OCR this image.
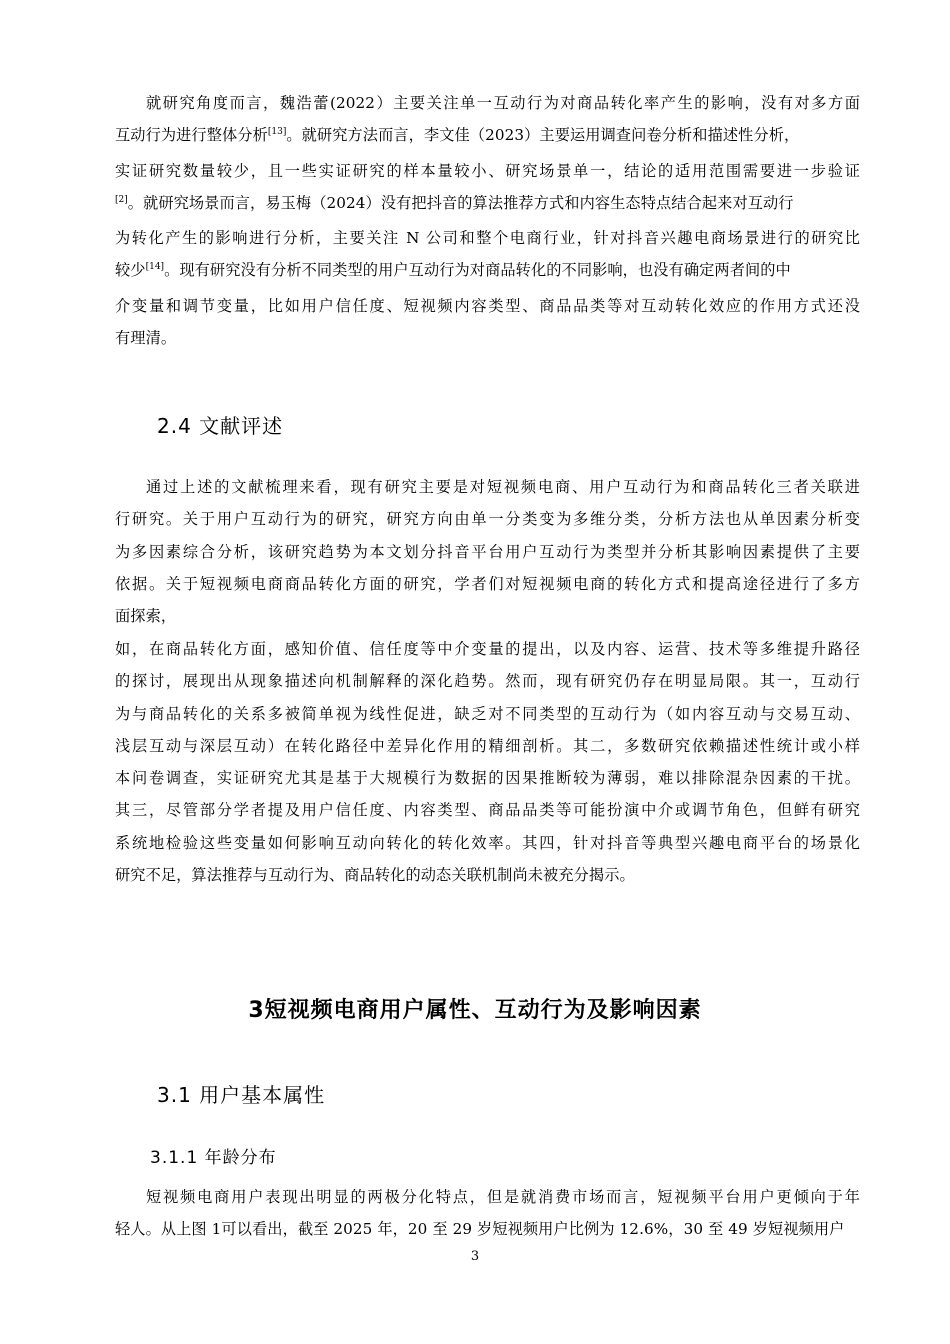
就研究角度而言，魏浩蕾(2022）主要关注单一互动行为对商品转化率产生的影响，没有对多方面
互动行为进行整体分析[13]。就研究方法而言，李文佳（2023）主要运用调查问卷分析和描述性分析，
实证研究数量较少，且一些实证研究的样本量较小、研究场景单一，结论的适用范围需要进一步验证
[2]。就研究场景而言，易玉梅（2024）没有把抖音的算法推荐方式和内容生态特点结合起来对互动行
为转化产生的影响进行分析，主要关注 N 公司和整个电商行业，针对抖音兴趣电商场景进行的研究比
较少[14]。现有研究没有分析不同类型的用户互动行为对商品转化的不同影响，也没有确定两者间的中
介变量和调节变量，比如用户信任度、短视频内容类型、商品品类等对互动转化效应的作用方式还没
有理清。
2.4 文献评述
通过上述的文献梳理来看，现有研究主要是对短视频电商、用户互动行为和商品转化三者关联进
行研究。关于用户互动行为的研究，研究方向由单一分类变为多维分类，分析方法也从单因素分析变
为多因素综合分析，该研究趋势为本文划分抖音平台用户互动行为类型并分析其影响因素提供了主要
依据。关于短视频电商商品转化方面的研究，学者们对短视频电商的转化方式和提高途径进行了多方
面探索，
如，在商品转化方面，感知价值、信任度等中介变量的提出，以及内容、运营、技术等多维提升路径
的探讨，展现出从现象描述向机制解释的深化趋势。然而，现有研究仍存在明显局限。其一，互动行
为与商品转化的关系多被简单视为线性促进，缺乏对不同类型的互动行为（如内容互动与交易互动、
浅层互动与深层互动）在转化路径中差异化作用的精细剖析。其二，多数研究依赖描述性统计或小样
本问卷调查，实证研究尤其是基于大规模行为数据的因果推断较为薄弱，难以排除混杂因素的干扰。
其三，尽管部分学者提及用户信任度、内容类型、商品品类等可能扮演中介或调节角色，但鲜有研究
系统地检验这些变量如何影响互动向转化的转化效率。其四，针对抖音等典型兴趣电商平台的场景化
研究不足，算法推荐与互动行为、商品转化的动态关联机制尚未被充分揭示。
3短视频电商用户属性、互动行为及影响因素
3.1 用户基本属性
3.1.1 年龄分布
短视频电商用户表现出明显的两极分化特点，但是就消费市场而言，短视频平台用户更倾向于年
轻人。从上图 1可以看出，截至 2025 年，20 至 29 岁短视频用户比例为 12.6%，30 至 49 岁短视频用户
3
